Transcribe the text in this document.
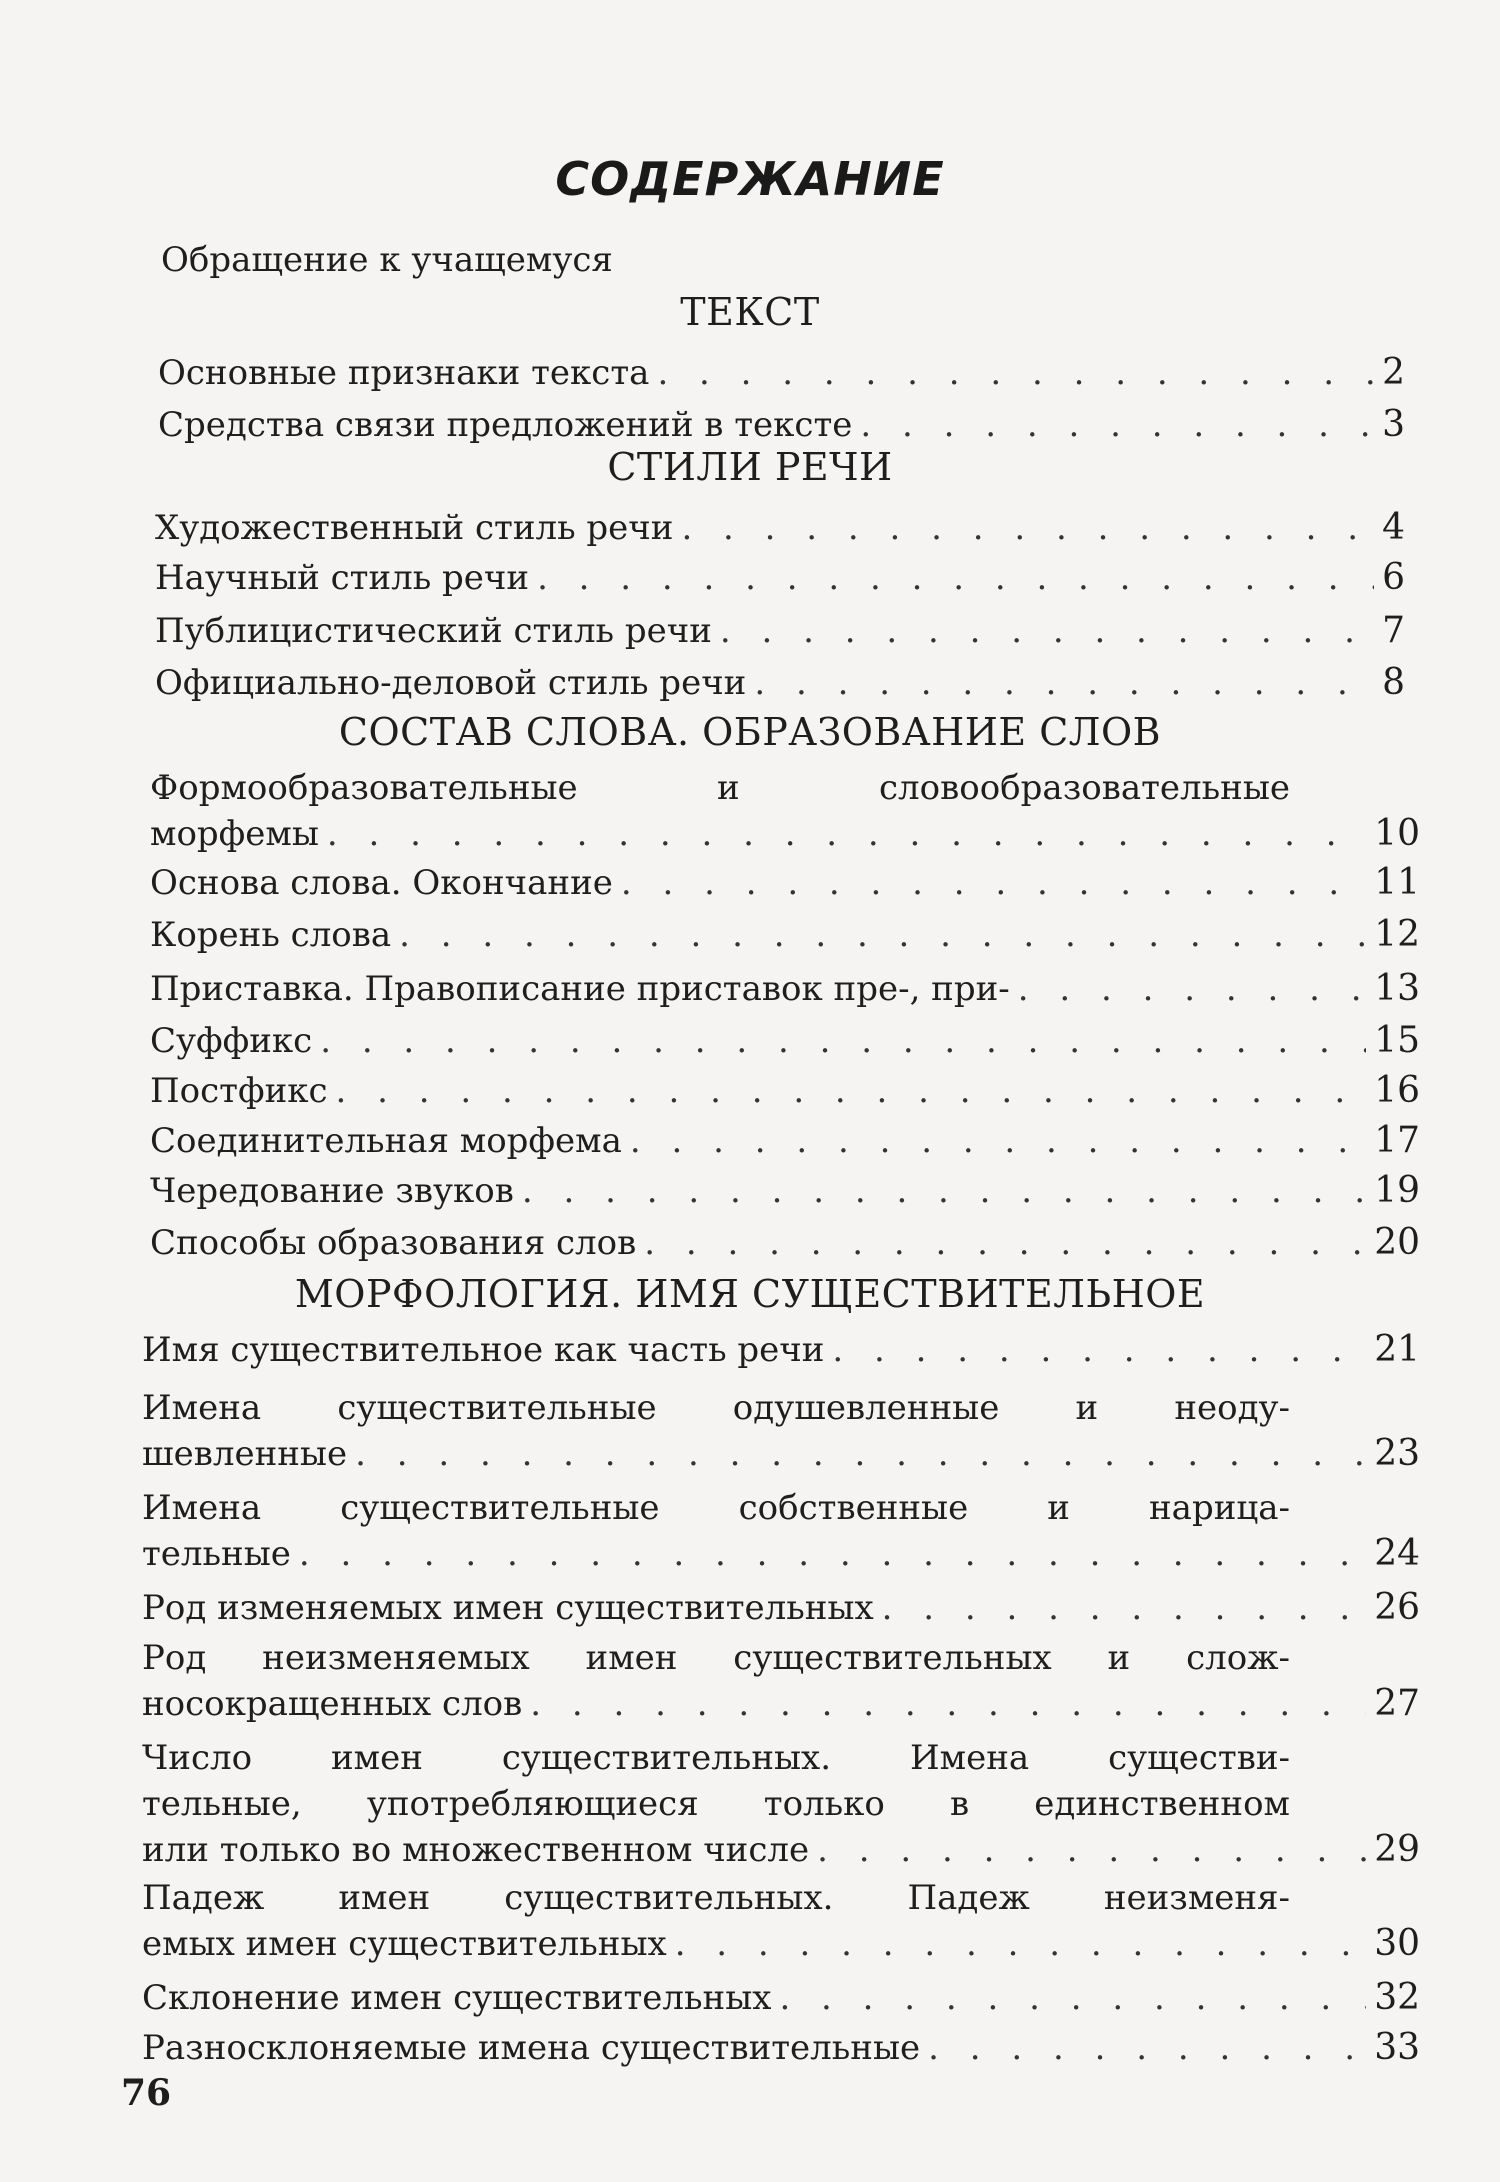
СОДЕРЖАНИЕ
Обращение к учащемуся
ТЕКСТ
Основные признаки текста . . .	2
Средства связи предложений в тексте . . .	3
СТИЛИ РЕЧИ
Художественный стиль речи . . .	4
Научный стиль речи . . .	6
Публицистический стиль речи . . .	7
Официально-деловой стиль речи . . .	8
СОСТАВ СЛОВА. ОБРАЗОВАНИЕ СЛОВ
Формообразовательные и словообразовательные
морфемы . . .	10
Основа слова. Окончание . . .	11
Корень слова . . .	12
Приставка. Правописание приставок пре-, при- . . .	13
Суффикс . . .	15
Постфикс . . .	16
Соединительная морфема . . .	17
Чередование звуков . . .	19
Способы образования слов . . .	20
МОРФОЛОГИЯ. ИМЯ СУЩЕСТВИТЕЛЬНОЕ
Имя существительное как часть речи . . .	21
Имена существительные одушевленные и неоду-
шевленные . . .	23
Имена существительные собственные и нарица-
тельные . . .	24
Род изменяемых имен существительных . . .	26
Род неизменяемых имен существительных и слож-
носокращенных слов . . .	27
Число имен существительных. Имена существи-
тельные, употребляющиеся только в единственном
или только во множественном числе . . .	29
Падеж имен существительных. Падеж неизменя-
емых имен существительных . . .	30
Склонение имен существительных . . .	32
Разносклоняемые имена существительные . . .	33
76
